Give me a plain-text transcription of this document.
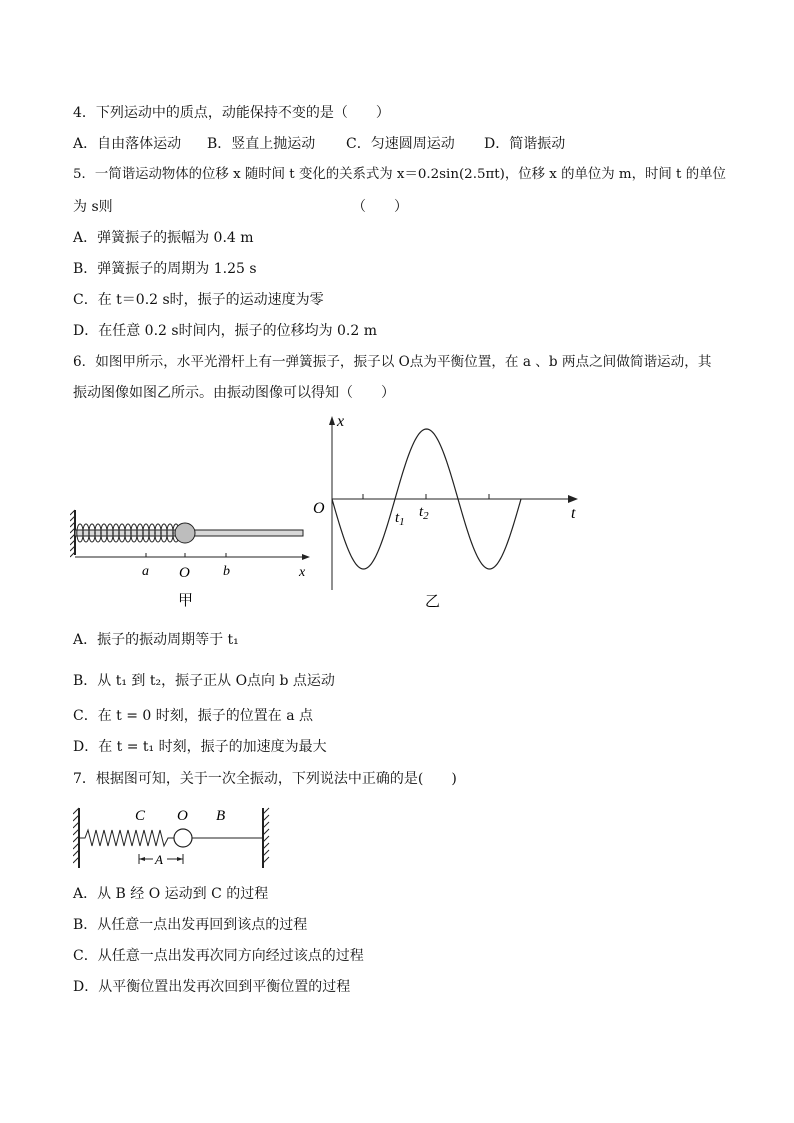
4．下列运动中的质点，动能保持不变的是（　　）
A．自由落体运动 B．竖直上抛运动 C．匀速圆周运动 D．简谐振动
5．一简谐运动物体的位移 x 随时间 t 变化的关系式为 x＝0.2sin(2.5πt)，位移 x 的单位为 m，时间 t 的单位
为 s则	（　　）
A．弹簧振子的振幅为 0.4 m
B．弹簧振子的周期为 1.25 s
C．在 t＝0.2 s时，振子的运动速度为零
D．在任意 0.2 s时间内，振子的位移均为 0.2 m
6．如图甲所示，水平光滑杆上有一弹簧振子，振子以 O点为平衡位置，在 a 、b 两点之间做简谐运动，其
振动图像如图乙所示。由振动图像可以得知（　　）
a O b	x
甲
x
t
O
$t_1$
$t_2$
乙
A．振子的振动周期等于 t₁
B．从 t₁ 到 t₂，振子正从 O点向 b 点运动
C．在 t = 0 时刻，振子的位置在 a 点
D．在 t = t₁ 时刻，振子的加速度为最大
7．根据图可知，关于一次全振动，下列说法中正确的是(　　)
C O B
A
A．从 B 经 O 运动到 C 的过程
B．从任意一点出发再回到该点的过程
C．从任意一点出发再次同方向经过该点的过程
D．从平衡位置出发再次回到平衡位置的过程
